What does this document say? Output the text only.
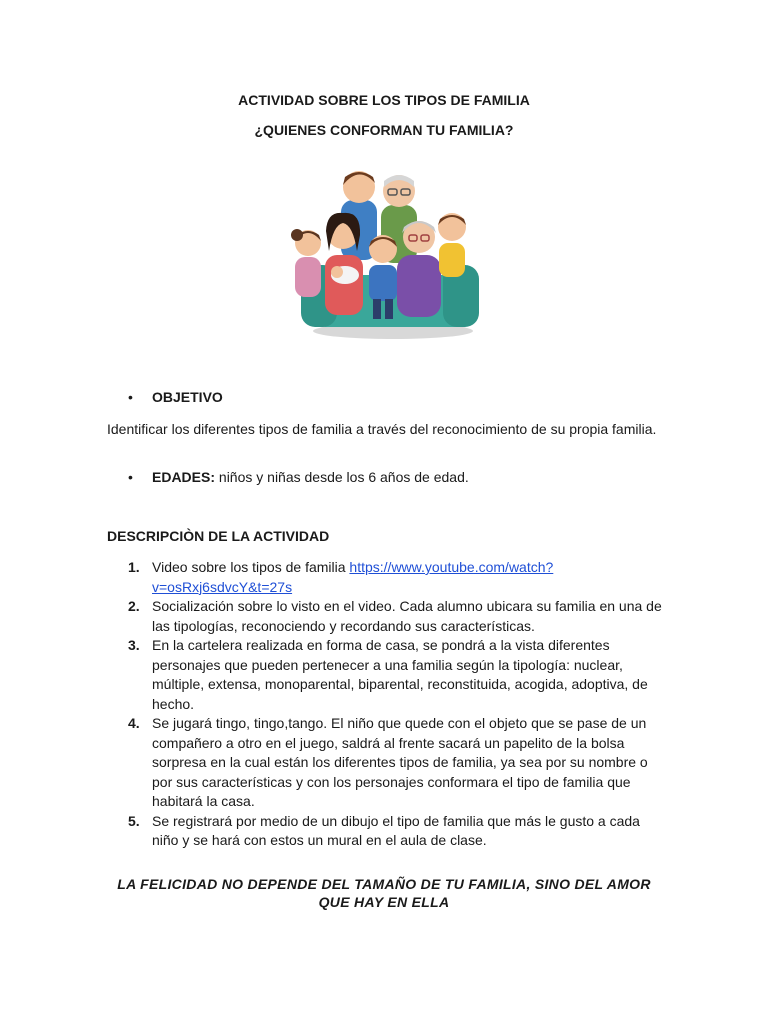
ACTIVIDAD SOBRE LOS TIPOS DE FAMILIA
¿QUIENES CONFORMAN TU FAMILIA?
•	OBJETIVO
Identificar los diferentes tipos de familia a través del reconocimiento de su propia familia.
•	EDADES: niños y niñas desde los 6 años de edad.
DESCRIPCIÒN DE LA ACTIVIDAD
1. Video sobre los tipos de familia https://www.youtube.com/watch?v=osRxj6sdvcY&t=27s
2. Socialización sobre lo visto en el video. Cada alumno ubicara su familia en una de las tipologías, reconociendo y recordando sus características.
3. En la cartelera realizada en forma de casa, se pondrá a la vista diferentes personajes que pueden pertenecer a una familia según la tipología: nuclear, múltiple, extensa, monoparental, biparental, reconstituida, acogida, adoptiva, de hecho.
4. Se jugará tingo, tingo,tango. El niño que quede con el objeto que se pase de un compañero a otro en el juego, saldrá al frente sacará un papelito de la bolsa sorpresa en la cual están los diferentes tipos de familia, ya sea por su nombre o por sus características y con los personajes conformara el tipo de familia que habitará la casa.
5. Se registrará por medio de un dibujo el tipo de familia que más le gusto a cada niño y se hará con estos un mural en el aula de clase.
LA FELICIDAD NO DEPENDE DEL TAMAÑO DE TU FAMILIA, SINO DEL AMOR QUE HAY EN ELLA
